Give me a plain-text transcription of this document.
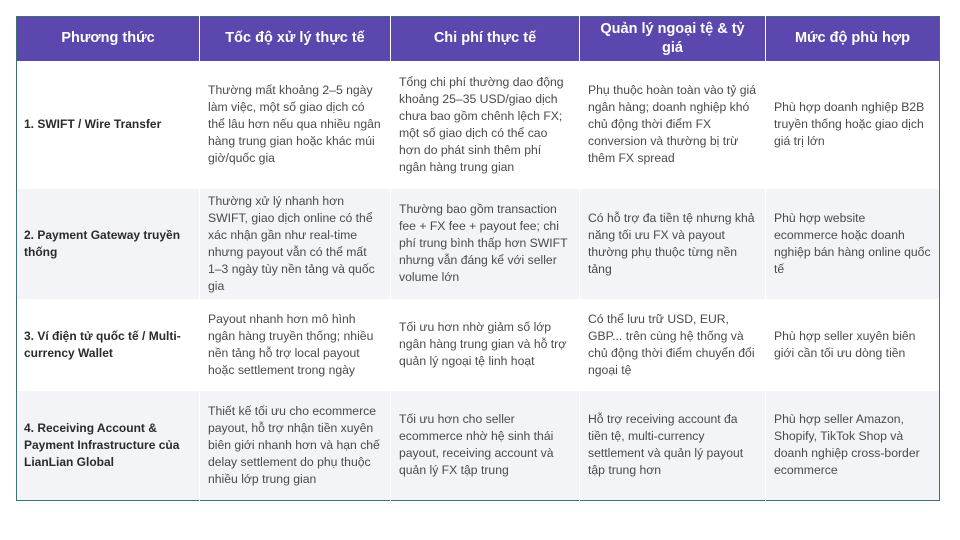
Phương thức	Tốc độ xử lý thực tế	Chi phí thực tế	Quản lý ngoại tệ & tỷ giá	Mức độ phù hợp
1. SWIFT / Wire Transfer	Thường mất khoảng 2–5 ngày làm việc, một số giao dịch có thể lâu hơn nếu qua nhiều ngân hàng trung gian hoặc khác múi giờ/quốc gia	Tổng chi phí thường dao động khoảng 25–35 USD/giao dịch chưa bao gồm chênh lệch FX; một số giao dịch có thể cao hơn do phát sinh thêm phí ngân hàng trung gian	Phụ thuộc hoàn toàn vào tỷ giá ngân hàng; doanh nghiệp khó chủ động thời điểm FX conversion và thường bị trừ thêm FX spread	Phù hợp doanh nghiệp B2B truyền thống hoặc giao dịch giá trị lớn
2. Payment Gateway truyền thống	Thường xử lý nhanh hơn SWIFT, giao dịch online có thể xác nhận gần như real-time nhưng payout vẫn có thể mất 1–3 ngày tùy nền tảng và quốc gia	Thường bao gồm transaction fee + FX fee + payout fee; chi phí trung bình thấp hơn SWIFT nhưng vẫn đáng kể với seller volume lớn	Có hỗ trợ đa tiền tệ nhưng khả năng tối ưu FX và payout thường phụ thuộc từng nền tảng	Phù hợp website ecommerce hoặc doanh nghiệp bán hàng online quốc tế
3. Ví điện tử quốc tế / Multi-currency Wallet	Payout nhanh hơn mô hình ngân hàng truyền thống; nhiều nền tảng hỗ trợ local payout hoặc settlement trong ngày	Tối ưu hơn nhờ giảm số lớp ngân hàng trung gian và hỗ trợ quản lý ngoại tệ linh hoạt	Có thể lưu trữ USD, EUR, GBP... trên cùng hệ thống và chủ động thời điểm chuyển đổi ngoại tệ	Phù hợp seller xuyên biên giới cần tối ưu dòng tiền
4. Receiving Account & Payment Infrastructure của LianLian Global	Thiết kế tối ưu cho ecommerce payout, hỗ trợ nhận tiền xuyên biên giới nhanh hơn và hạn chế delay settlement do phụ thuộc nhiều lớp trung gian	Tối ưu hơn cho seller ecommerce nhờ hệ sinh thái payout, receiving account và quản lý FX tập trung	Hỗ trợ receiving account đa tiền tệ, multi-currency settlement và quản lý payout tập trung hơn	Phù hợp seller Amazon, Shopify, TikTok Shop và doanh nghiệp cross-border ecommerce
